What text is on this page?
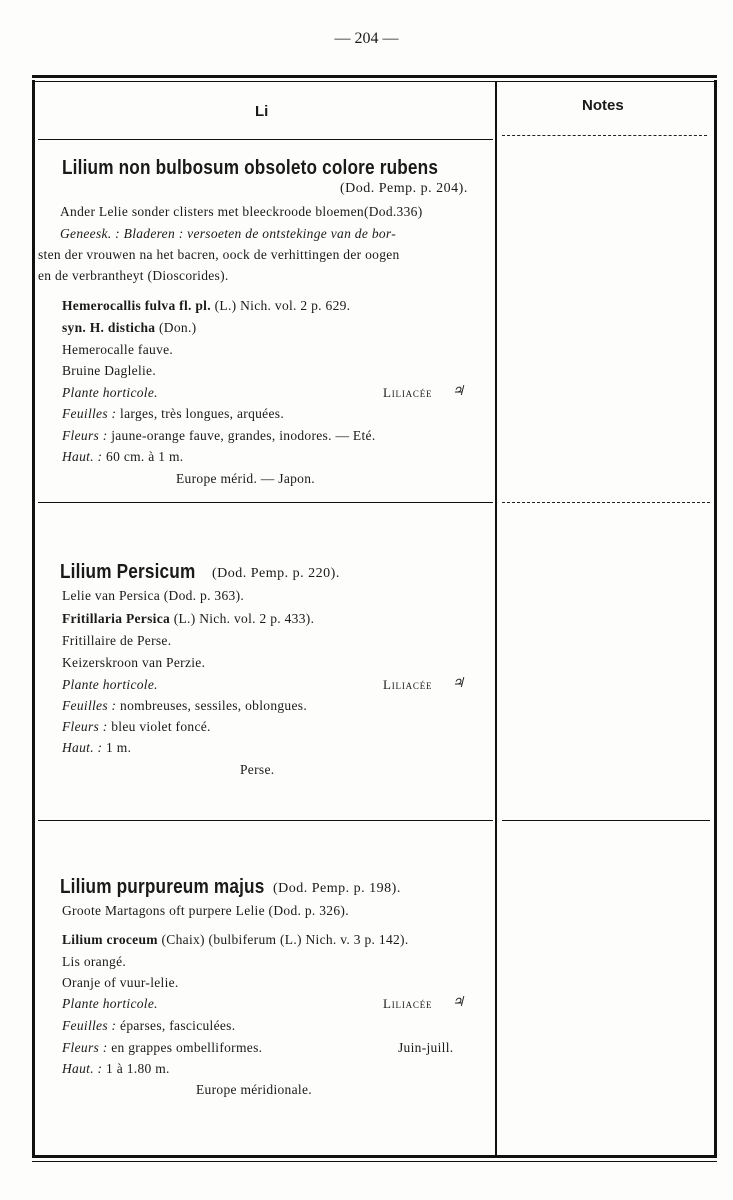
— 204 —
Li	Notes
Lilium non bulbosum obsoleto colore rubens
(Dod. Pemp. p. 204).
Ander Lelie sonder clisters met bleeckroode bloemen(Dod.336)
Geneesk. : Bladeren : versoeten de ontstekinge van de bor-
sten der vrouwen na het bacren, oock de verhittingen der oogen
en de verbrantheyt (Dioscorides).
Hemerocallis fulva fl. pl. (L.) Nich. vol. 2 p. 629.
syn. H. disticha (Don.)
Hemerocalle fauve.
Bruine Daglelie.
Plante horticole.	Liliacée ♃
Feuilles : larges, très longues, arquées.
Fleurs : jaune-orange fauve, grandes, inodores. — Eté.
Haut. : 60 cm. à 1 m.
Europe mérid. — Japon.
Lilium Persicum (Dod. Pemp. p. 220).
Lelie van Persica (Dod. p. 363).
Fritillaria Persica (L.) Nich. vol. 2 p. 433).
Fritillaire de Perse.
Keizerskroon van Perzie.
Plante horticole.	Liliacée ♃
Feuilles : nombreuses, sessiles, oblongues.
Fleurs : bleu violet foncé.
Haut. : 1 m.
Perse.
Lilium purpureum majus (Dod. Pemp. p. 198).
Groote Martagons oft purpere Lelie (Dod. p. 326).
Lilium croceum (Chaix) (bulbiferum (L.) Nich. v. 3 p. 142).
Lis orangé.
Oranje of vuur-lelie.
Plante horticole.	Liliacée ♃
Feuilles : éparses, fasciculées.
Fleurs : en grappes ombelliformes.	Juin-juill.
Haut. : 1 à 1.80 m.
Europe méridionale.
